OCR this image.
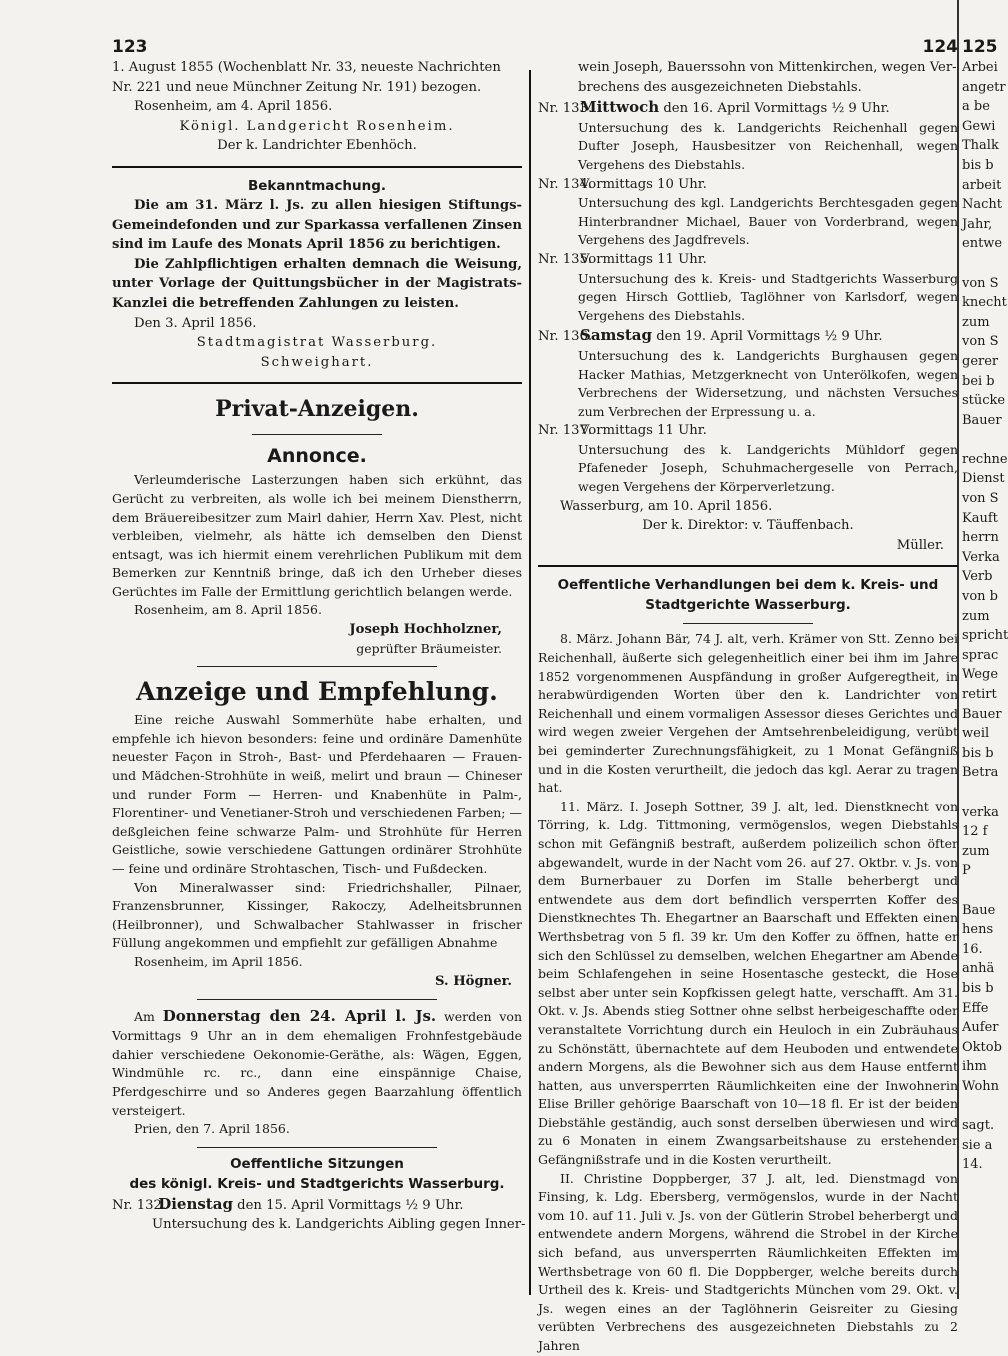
123
1. August 1855 (Wochenblatt Nr. 33, neueste Nachrichten
Nr. 221 und neue Münchner Zeitung Nr. 191) bezogen.
Rosenheim, am 4. April 1856.
Königl. Landgericht Rosenheim.
Der k. Landrichter Ebenhöch.
Bekanntmachung.
Die am 31. März l. Js. zu allen hiesigen Stiftungs-Gemeindefonden und zur Sparkassa verfallenen Zinsen sind im Laufe des Monats April 1856 zu berichtigen.
Die Zahlpflichtigen erhalten demnach die Weisung, unter Vorlage der Quittungsbücher in der Magistrats-Kanzlei die betreffenden Zahlungen zu leisten.
Den 3. April 1856.
Stadtmagistrat Wasserburg.
Schweighart.
Privat-Anzeigen.
Annonce.
Verleumderische Lasterzungen haben sich erkühnt, das Gerücht zu verbreiten, als wolle ich bei meinem Dienstherrn, dem Bräuereibesitzer zum Mairl dahier, Herrn Xav. Plest, nicht verbleiben, vielmehr, als hätte ich demselben den Dienst entsagt, was ich hiermit einem verehrlichen Publikum mit dem Bemerken zur Kenntniß bringe, daß ich den Urheber dieses Gerüchtes im Falle der Ermittlung gerichtlich belangen werde.
Rosenheim, am 8. April 1856.
Joseph Hochholzner,
geprüfter Bräumeister.
Anzeige und Empfehlung.
Eine reiche Auswahl Sommerhüte habe erhalten, und empfehle ich hievon besonders: feine und ordinäre Damenhüte neuester Façon in Stroh-, Bast- und Pferdehaaren — Frauen- und Mädchen-Strohhüte in weiß, melirt und braun — Chineser und runder Form — Herren- und Knabenhüte in Palm-, Florentiner- und Venetianer-Stroh und verschiedenen Farben; — deßgleichen feine schwarze Palm- und Strohhüte für Herren Geistliche, sowie verschiedene Gattungen ordinärer Strohhüte — feine und ordinäre Strohtaschen, Tisch- und Fußdecken.
Von Mineralwasser sind: Friedrichshaller, Pilnaer, Franzensbrunner, Kissinger, Rakoczy, Adelheitsbrunnen (Heilbronner), und Schwalbacher Stahlwasser in frischer Füllung angekommen und empfiehlt zur gefälligen Abnahme
Rosenheim, im April 1856.
S. Högner.
Am Donnerstag den 24. April l. Js. werden von Vormittags 9 Uhr an in dem ehemaligen Frohnfestgebäude dahier verschiedene Oekonomie-Geräthe, als: Wägen, Eggen, Windmühle rc. rc., dann eine einspännige Chaise, Pferdgeschirre und so Anderes gegen Baarzahlung öffentlich versteigert.
Prien, den 7. April 1856.
Oeffentliche Sitzungen
des königl. Kreis- und Stadtgerichts Wasserburg.
Nr. 132. Dienstag den 15. April Vormittags ½ 9 Uhr.
Untersuchung des k. Landgerichts Aibling gegen Inner-
124
wein Joseph, Bauerssohn von Mittenkirchen, wegen Ver-
brechens des ausgezeichneten Diebstahls.
Nr. 133.Mittwoch den 16. April Vormittags ½ 9 Uhr.
Untersuchung des k. Landgerichts Reichenhall gegen Dufter Joseph, Hausbesitzer von Reichenhall, wegen Vergehens des Diebstahls.
Nr. 134.Vormittags 10 Uhr.
Untersuchung des kgl. Landgerichts Berchtesgaden gegen Hinterbrandner Michael, Bauer von Vorderbrand, wegen Vergehens des Jagdfrevels.
Nr. 135.Vormittags 11 Uhr.
Untersuchung des k. Kreis- und Stadtgerichts Wasserburg gegen Hirsch Gottlieb, Taglöhner von Karlsdorf, wegen Vergehens des Diebstahls.
Nr. 136.Samstag den 19. April Vormittags ½ 9 Uhr.
Untersuchung des k. Landgerichts Burghausen gegen Hacker Mathias, Metzgerknecht von Unterölkofen, wegen Verbrechens der Widersetzung, und nächsten Versuches zum Verbrechen der Erpressung u. a.
Nr. 137.Vormittags 11 Uhr.
Untersuchung des k. Landgerichts Mühldorf gegen Pfafeneder Joseph, Schuhmachergeselle von Perrach, wegen Vergehens der Körperverletzung.
Wasserburg, am 10. April 1856.
Der k. Direktor: v. Täuffenbach.
Müller.
Oeffentliche Verhandlungen bei dem k. Kreis- und
Stadtgerichte Wasserburg.
8. März. Johann Bär, 74 J. alt, verh. Krämer von Stt. Zenno bei Reichenhall, äußerte sich gelegenheitlich einer bei ihm im Jahre 1852 vorgenommenen Auspfändung in großer Aufgeregtheit, in herabwürdigenden Worten über den k. Landrichter von Reichenhall und einem vormaligen Assessor dieses Gerichtes und wird wegen zweier Vergehen der Amtsehrenbeleidigung, verübt bei geminderter Zurechnungsfähigkeit, zu 1 Monat Gefängniß und in die Kosten verurtheilt, die jedoch das kgl. Aerar zu tragen hat.
11. März. I. Joseph Sottner, 39 J. alt, led. Dienstknecht von Törring, k. Ldg. Tittmoning, vermögenslos, wegen Diebstahls schon mit Gefängniß bestraft, außerdem polizeilich schon öfter abgewandelt, wurde in der Nacht vom 26. auf 27. Oktbr. v. Js. von dem Burnerbauer zu Dorfen im Stalle beherbergt und entwendete aus dem dort befindlich versperrten Koffer des Dienstknechtes Th. Ehegartner an Baarschaft und Effekten einen Werthsbetrag von 5 fl. 39 kr. Um den Koffer zu öffnen, hatte er sich den Schlüssel zu demselben, welchen Ehegartner am Abende beim Schlafengehen in seine Hosentasche gesteckt, die Hose selbst aber unter sein Kopfkissen gelegt hatte, verschafft. Am 31. Okt. v. Js. Abends stieg Sottner ohne selbst herbeigeschaffte oder veranstaltete Vorrichtung durch ein Heuloch in ein Zubräuhaus zu Schönstätt, übernachtete auf dem Heuboden und entwendete andern Morgens, als die Bewohner sich aus dem Hause entfernt hatten, aus unversperrten Räumlichkeiten eine der Inwohnerin Elise Briller gehörige Baarschaft von 10—18 fl. Er ist der beiden Diebstähle geständig, auch sonst derselben überwiesen und wird zu 6 Monaten in einem Zwangsarbeitshause zu erstehender Gefängnißstrafe und in die Kosten verurtheilt.
II. Christine Doppberger, 37 J. alt, led. Dienstmagd von Finsing, k. Ldg. Ebersberg, vermögenslos, wurde in der Nacht vom 10. auf 11. Juli v. Js. von der Gütlerin Strobel beherbergt und entwendete andern Morgens, während die Strobel in der Kirche sich befand, aus unversperrten Räumlichkeiten Effekten im Werthsbetrage von 60 fl. Die Doppberger, welche bereits durch Urtheil des k. Kreis- und Stadtgerichts München vom 29. Okt. v. Js. wegen eines an der Taglöhnerin Geisreiter zu Giesing verübten Verbrechens des ausgezeichneten Diebstahls zu 2 Jahren
125
Arbei
angetr
a be
Gewi
Thalk
bis b
arbeit
Nacht
Jahr,
entwe

von S
knecht
zum
von S
gerer
bei b
stücke
Bauer

rechne
Dienst
von S
Kauft
herrn
Verka
Verb
von b
zum
spricht
sprac
Wege
retirt
Bauer
weil
bis b
Betra

verka
12 f
zum
P

Baue
hens
16.
anhä
bis b
Effe
Aufer
Oktob
ihm
Wohn

sagt.
sie a
14.
